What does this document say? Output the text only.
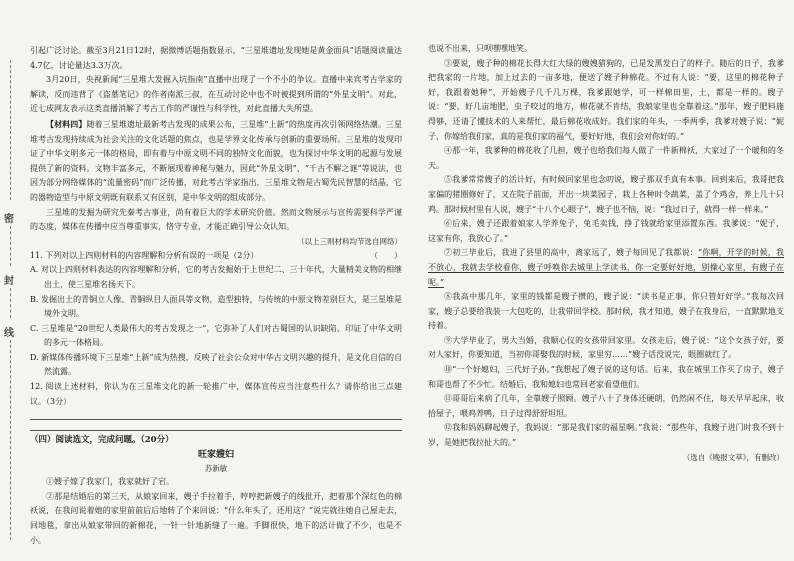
密
封
线

引起广泛讨论。截至3月21日12时，据微博话题指数显示，“三星堆遗址发现她是黄金面具”话题阅读量达4.7亿，讨论量达3.3万次。

3月20日，央视新闻“三星堆大发掘入坑指南”直播中出现了一个不小的争议。直播中来宾考古学家的解读，反而违背了《盗墓笔记》的作者南派三叔，在互动讨论中也不时被提到所谓的“外星文明”。对此，近七成网友表示这类直播消解了考古工作的严谨性与科学性，对此直播大失所望。

【材料四】随着三星堆遗址最新考古发现的成果公布，三星堆“上新”的热度再次引领网络热潮。三星堆考古发现持续成为社会关注的文化话题的焦点，也是学界文化传承与创新的重要场所。三星堆的发现印证了中华文明多元一体的格局，即有着与中原文明不同的独特文化面貌，也为探讨中华文明的起源与发展提供了新的资料。文物丰富多元，不断展现着神秘与魅力，因此“外星文明”、“千古不解之谜”等说法，也因为部分网络媒体的“流量密码”而广泛传播，对此考古学家指出，三星堆文物是古蜀先民智慧的结晶，它的器物造型与中原文明既有联系又有区别，是中华文明的组成部分。

三星堆的发掘为研究先秦考古事业，尚有着巨大的学术研究价值。然而文物展示与宣传需要科学严谨的态度，媒体在传播中应当尊重事实，恪守专业，才能正确引导公众认知。

（以上三则材料均节选自网络）

11. 下列对以上四则材料的内容理解和分析有误的一项是（2分）	（　　）

A. 对以上四则材料表达的内容理解和分析，它的考古发掘始于上世纪二、三十年代，大量精美文物的相继出土，使三星堆名扬天下。

B. 发掘出土的青铜立人像、青铜纵目人面具等文物，造型独特，与传统的中原文物差别巨大，是三星堆是境外文明。

C. 三星堆是“20世纪人类最伟大的考古发现之一”，它弥补了人们对古蜀国的认识缺陷，印证了中华文明的多元一体格局。

D. 新媒体传播环境下三星堆“上新”成为热搜，反映了社会公众对中华古文明兴趣的提升，是文化自信的自然流露。

12. 阅读上述材料，你认为在三星堆文化的新一轮推广中，媒体宣传应当注意些什么？请你给出三点建议。（3分）

（四）阅读选文，完成问题。（20分）

旺家嫂妇

苏新敏

①嫂子嫁了我家门，我家就好了宕。

②那是结婚后的第三天，从娘家回来，嫂子手拉着手，哼哼把新嫂子的线批开，把着那个深红色的棉袄说，在我问说着她的家里前前后后地转了个来回说：“什么年头了，还用这？”说完就往她自己屋走去，回地毯，拿出从娘家带回的新棉花，一针一针地新缝了一遍。手脚很快，地下的活计做了不少，也是不小。

也说不出来，只呗嘿嘿地笑。

③要说，嫂子种的棉花长得大红大绿的嫂嫂猎狗的，已是发黑发白了的样子。随后的日子，我爹把我家的一片地，加上过去的一亩多地，便送了嫂子种棉花。不过有人说：“要，这里的棉花种子好，我跟着她种”，开始嫂子几千几万棵，我爹跟她学，可一样棉田里，土，都是一样的。嫂子说：“要，好几亩地肥，虫子咬过的地方，棉花就不肯结，我娘家里也全靠着这。”那年，嫂子肥料施得够，还请了懂技术的人来帮忙，最后棉花收成好。我们家的年头，一季两季，我爹对嫂子说：“妮子，你嫁给我们家，真的是我们家的福气，要好好地，我们会对你好的。”

④那一年，我爹种的棉花收了几担，嫂子也给我们每人做了一件新棉袄，大家过了一个暖和的冬天。

⑤我爹常常嫂子的活计好，有时候回家里也念叨说，嫂子那双手真有本事。回到来后，我哥把我家偏的猪圈修好了，又在院子前面，开出一块菜园子，栽上各种时令蔬菜，盖了个鸡舍，养上几十只鸡。那时候村里有人说，嫂子“十八个心眼子”，嫂子也不恼，说：“我过日子，就得一样一样来。”

⑥后来，嫂子还跟着娘家人学养兔子，兔毛卖钱，挣了钱就给家里添置东西。我爹说：“妮子，这家有你，我放心了。”

⑦初三毕业后，我进了县里的高中，离家远了，嫂子每回见了我都说：“你啊，开学的时候，我不放心，我就去学校看你，嫂子呼唤你去城里上学读书，你一定要好好地，别操心家里，有嫂子在呢。”

⑧我高中那几年，家里的钱都是嫂子攒的，嫂子说：“读书是正事，你只管好好学。”我每次回家，嫂子总要给我装一大包吃的，让我带回学校。那时候，我才知道，嫂子在我身后，一直默默地支持着。

⑨大学毕业了，男大当婚，我顺心仪的女孩带回家里。女孩走后，嫂子说：“这个女孩子好，要对人家好，你要知道，当初你哥娶我的时候，家里穷……”嫂子话没说完，眼圈就红了。

⑩“一个好媳妇，三代好子孙。”我想起了嫂子说的这句话。后来，我在城里工作买了房子，嫂子和哥也帮了不少忙。结婚后，我和媳妇也常回老家看望他们。

⑪哥哥后来病了几年，全靠嫂子照顾。嫂子八十了身体还硬朗，仍然闲不住，每天早早起床，收拾屋子，喂鸡养鸭，日子过得舒舒坦坦。

⑫我和妈妈聊起嫂子，我妈说：“那是我们家的福星啊。”我说：“那些年，我嫂子进门时我不到十岁，是她把我拉扯大的。”

（选自《晚报文萃》，有删改）
